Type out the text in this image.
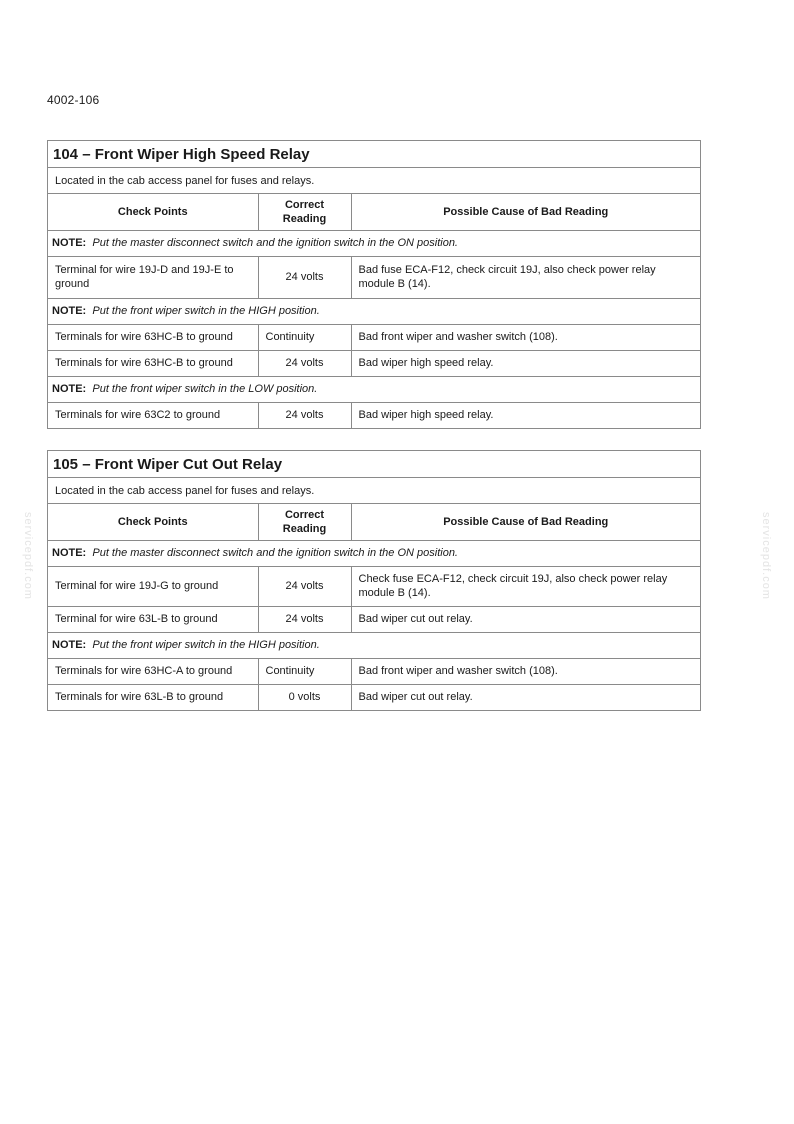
4002-106
servicepdf.com	servicepdf.com
104 – Front Wiper High Speed Relay
Located in the cab access panel for fuses and relays.
Check Points	Correct Reading	Possible Cause of Bad Reading
NOTE: Put the master disconnect switch and the ignition switch in the ON position.		
Terminal for wire 19J-D and 19J-E to ground	24 volts	Bad fuse ECA-F12, check circuit 19J, also check power relay module B (14).
NOTE: Put the front wiper switch in the HIGH position.		
Terminals for wire 63HC-B to ground	Continuity	Bad front wiper and washer switch (108).
Terminals for wire 63HC-B to ground	24 volts	Bad wiper high speed relay.
NOTE: Put the front wiper switch in the LOW position.		
Terminals for wire 63C2 to ground	24 volts	Bad wiper high speed relay.
105 – Front Wiper Cut Out Relay
Located in the cab access panel for fuses and relays.
Check Points	Correct Reading	Possible Cause of Bad Reading
NOTE: Put the master disconnect switch and the ignition switch in the ON position.		
Terminal for wire 19J-G to ground	24 volts	Check fuse ECA-F12, check circuit 19J, also check power relay module B (14).
Terminal for wire 63L-B to ground	24 volts	Bad wiper cut out relay.
NOTE: Put the front wiper switch in the HIGH position.		
Terminals for wire 63HC-A to ground	Continuity	Bad front wiper and washer switch (108).
Terminals for wire 63L-B to ground	0 volts	Bad wiper cut out relay.
